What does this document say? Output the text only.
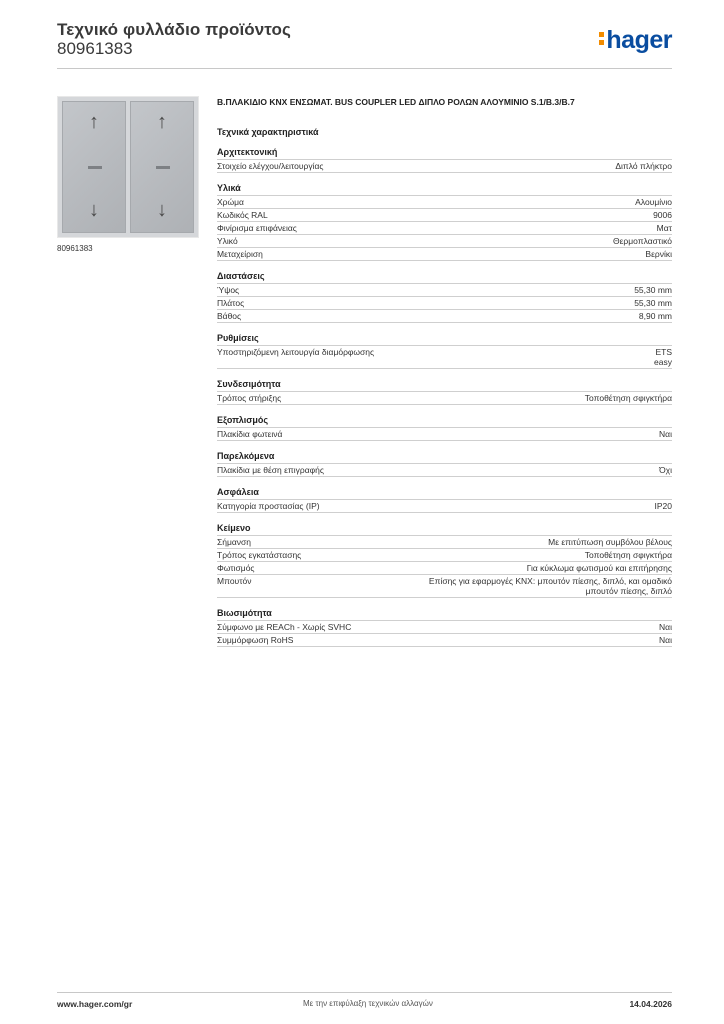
Τεχνικό φυλλάδιο προϊόντος
80961383	hager
↑
↓
↑
↓
80961383
Β.ΠΛΑΚΙΔΙΟ KNX ΕΝΣΩΜΑΤ. BUS COUPLER LED ΔΙΠΛΟ ΡΟΛΩΝ ΑΛΟΥΜΙΝΙΟ S.1/B.3/B.7
Τεχνικά χαρακτηριστικά
Αρχιτεκτονική
Στοιχείο ελέγχου/λειτουργίας	Διπλό πλήκτρο
Υλικά
Χρώμα	Αλουμίνιο
Κωδικός RAL	9006
Φινίρισμα επιφάνειας	Ματ
Υλικό	Θερμοπλαστικό
Μεταχείριση	Βερνίκι
Διαστάσεις
Ύψος	55,30 mm
Πλάτος	55,30 mm
Βάθος	8,90 mm
Ρυθμίσεις
Υποστηριζόμενη λειτουργία διαμόρφωσης	ETS
easy
Συνδεσιμότητα
Τρόπος στήριξης	Τοποθέτηση σφιγκτήρα
Εξοπλισμός
Πλακίδια φωτεινά	Ναι
Παρελκόμενα
Πλακίδια με θέση επιγραφής	Όχι
Ασφάλεια
Κατηγορία προστασίας (IP)	IP20
Κείμενο
Σήμανση	Με επιτύπωση συμβόλου βέλους
Τρόπος εγκατάστασης	Τοποθέτηση σφιγκτήρα
Φωτισμός	Για κύκλωμα φωτισμού και επιτήρησης
Μπουτόν	Επίσης για εφαρμογές KNX: μπουτόν πίεσης, διπλό, και ομαδικό μπουτόν πίεσης, διπλό
Βιωσιμότητα
Σύμφωνο με REACh - Χωρίς SVHC	Ναι
Συμμόρφωση RoHS	Ναι
www.hager.com/gr	Με την επιφύλαξη τεχνικών αλλαγών	14.04.2026
